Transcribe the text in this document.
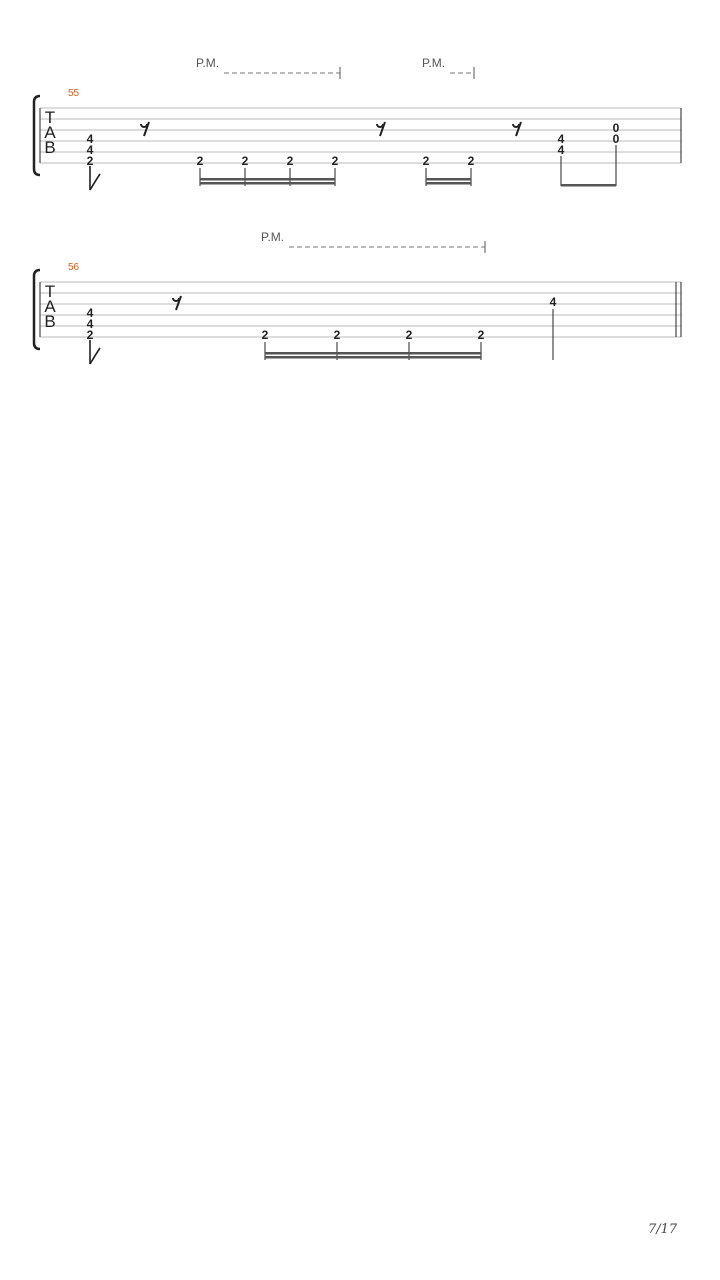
T
A
B
55
P.M.	P.M.
4
4
2	2	2	2	2	2	2
4
4
0
0
T
A
B
56
P.M.
4
4
2	2	2	2	2
4
7/17
